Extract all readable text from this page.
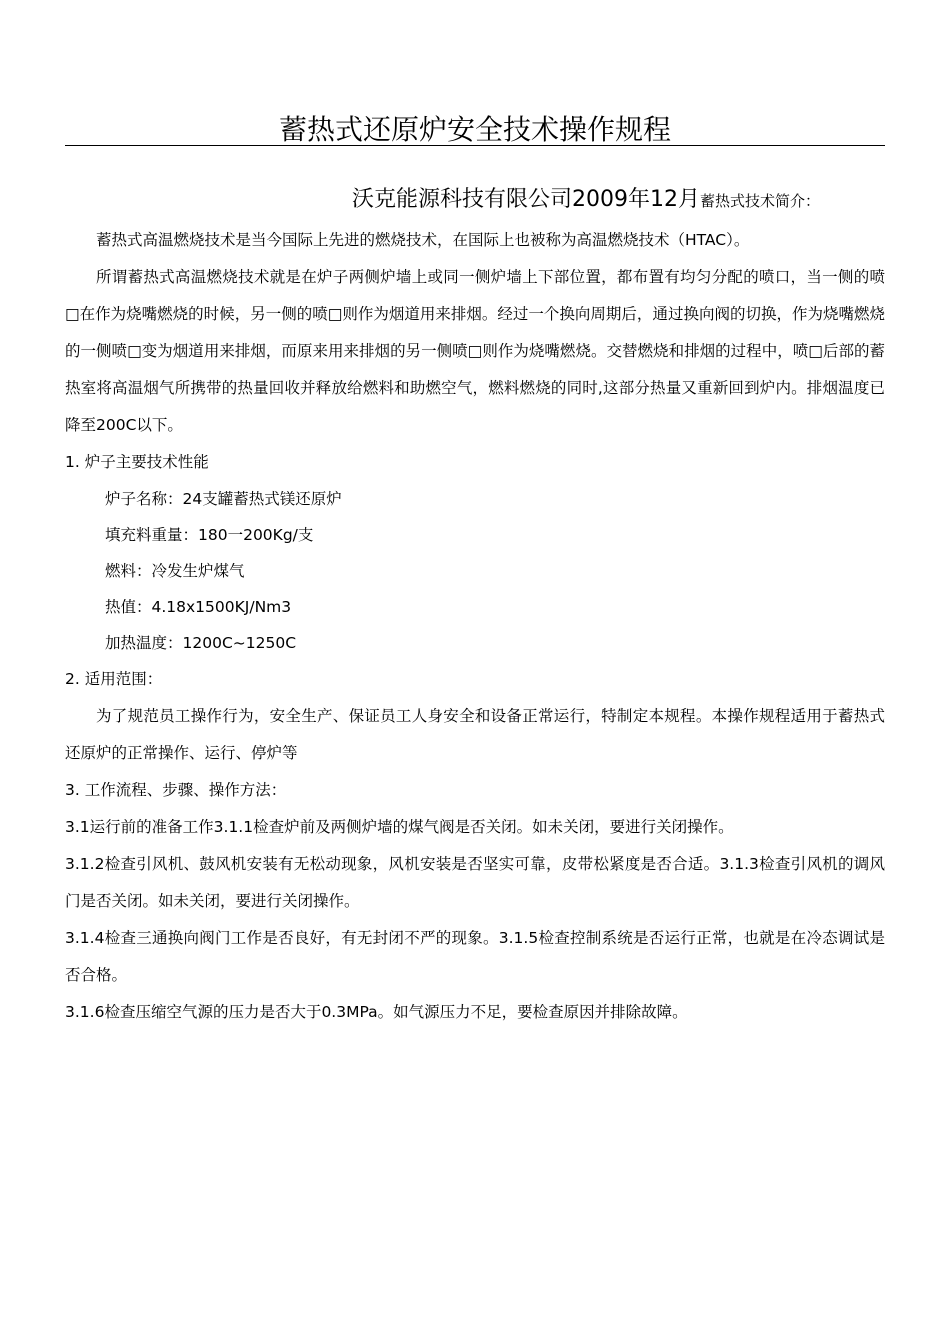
蓄热式还原炉安全技术操作规程
沃克能源科技有限公司2009年12月蓄热式技术简介：

蓄热式高温燃烧技术是当今国际上先进的燃烧技术，在国际上也被称为高温燃烧技术（HTAC）。

所谓蓄热式高温燃烧技术就是在炉子两侧炉墙上或同一侧炉墙上下部位置，都布置有均匀分配的喷口，当一侧的喷□在作为烧嘴燃烧的时候，另一侧的喷□则作为烟道用来排烟。经过一个换向周期后，通过换向阀的切换，作为烧嘴燃烧的一侧喷□变为烟道用来排烟，而原来用来排烟的另一侧喷□则作为烧嘴燃烧。交替燃烧和排烟的过程中，喷□后部的蓄热室将高温烟气所携带的热量回收并释放给燃料和助燃空气，燃料燃烧的同时,这部分热量又重新回到炉内。排烟温度已降至200C以下。

1. 炉子主要技术性能

炉子名称：24支罐蓄热式镁还原炉

填充料重量：180一200Kg/支

燃料：冷发生炉煤气

热值：4.18x1500KJ/Nm3

加热温度：1200C~1250C

2. 适用范围：

为了规范员工操作行为，安全生产、保证员工人身安全和设备正常运行，特制定本规程。本操作规程适用于蓄热式还原炉的正常操作、运行、停炉等

3. 工作流程、步骤、操作方法：

3.1运行前的准备工作3.1.1检查炉前及两侧炉墙的煤气阀是否关闭。如未关闭，要进行关闭操作。

3.1.2检查引风机、鼓风机安装有无松动现象，风机安装是否坚实可靠，皮带松紧度是否合适。3.1.3检查引风机的调风门是否关闭。如未关闭，要进行关闭操作。

3.1.4检查三通换向阀门工作是否良好，有无封闭不严的现象。3.1.5检查控制系统是否运行正常，也就是在冷态调试是否合格。

3.1.6检查压缩空气源的压力是否大于0.3MPa。如气源压力不足，要检查原因并排除故障。
